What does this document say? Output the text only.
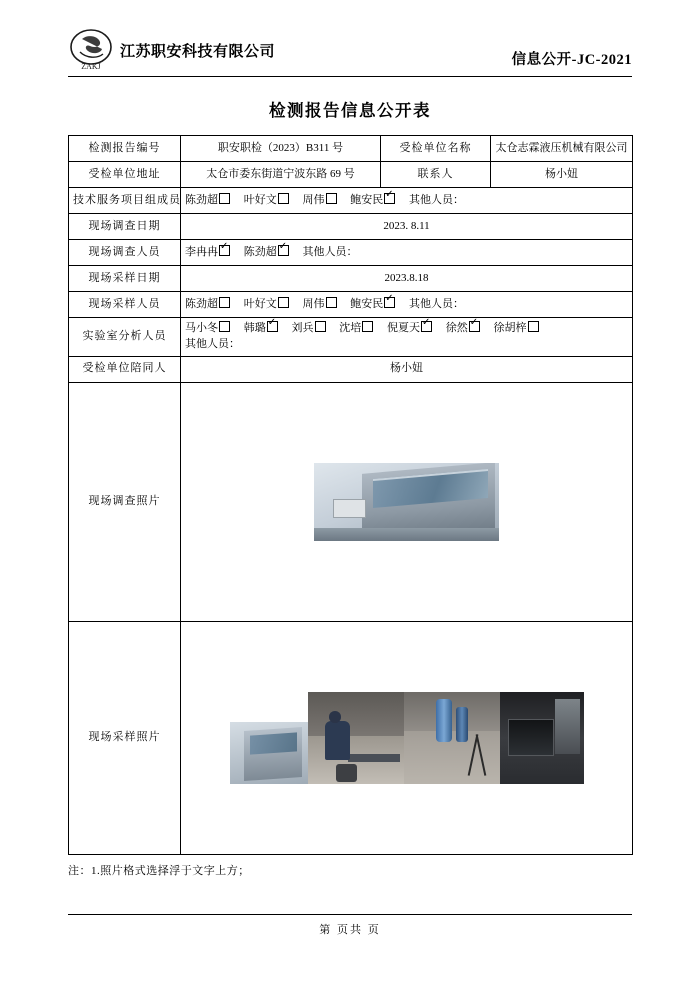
ZAKJ
江苏职安科技有限公司
信息公开-JC-2021
检测报告信息公开表
检测报告编号	职安职检（2023）B311 号	受检单位名称	太仓志霖液压机械有限公司
受检单位地址	太仓市委东街道宁波东路 69 号	联系人	杨小妞
技术服务项目组成员	陈劲超 叶好文 周伟 鲍安民 ✓ 其他人员：
现场调查日期	2023. 8.11		
现场调查人员	李冉冉 ✓ 陈劲超 ✓ 其他人员：
现场采样日期	2023.8.18		
现场采样人员	陈劲超 叶好文 周伟 鲍安民 ✓ 其他人员：
实验室分析人员	马小冬 韩璐 ✓ 刘兵 沈培 倪夏天 ✓ 徐然 ✓ 徐胡梓
其他人员：

受检单位陪同人	杨小妞		
现场调查照片			

现场采样照片			
注：1.照片格式选择浮于文字上方；
第 页共 页
